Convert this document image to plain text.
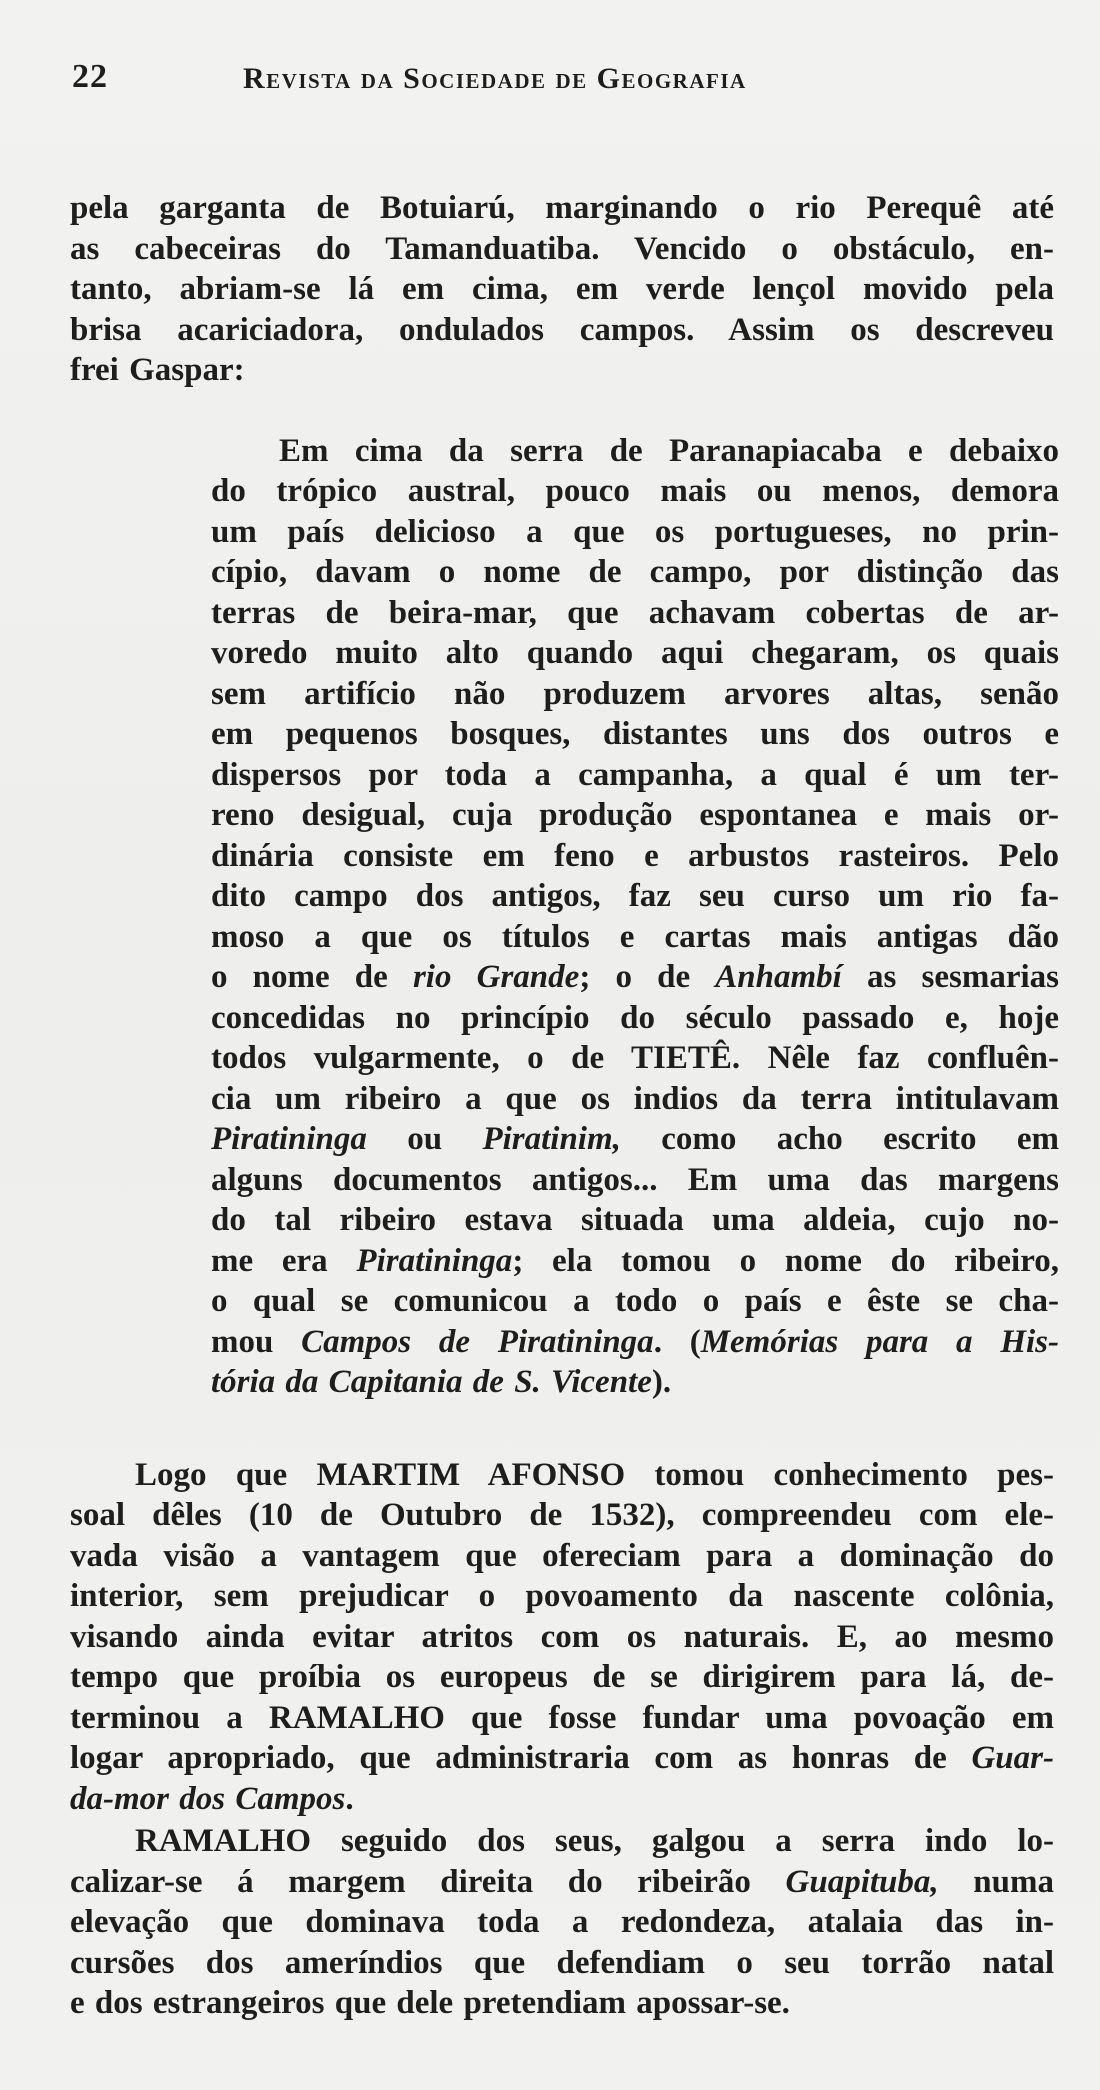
22	Revista da Sociedade de Geografia

pela garganta de Botuiarú, marginando o rio Perequê até
as cabeceiras do Tamanduatiba. Vencido o obstáculo, en-
tanto, abriam-se lá em cima, em verde lençol movido pela
brisa acariciadora, ondulados campos. Assim os descreveu
frei Gaspar:

Em cima da serra de Paranapiacaba e debaixo
do trópico austral, pouco mais ou menos, demora
um país delicioso a que os portugueses, no prin-
cípio, davam o nome de campo, por distinção das
terras de beira-mar, que achavam cobertas de ar-
voredo muito alto quando aqui chegaram, os quais
sem artifício não produzem arvores altas, senão
em pequenos bosques, distantes uns dos outros e
dispersos por toda a campanha, a qual é um ter-
reno desigual, cuja produção espontanea e mais or-
dinária consiste em feno e arbustos rasteiros. Pelo
dito campo dos antigos, faz seu curso um rio fa-
moso a que os títulos e cartas mais antigas dão
o nome de rio Grande; o de Anhambí as sesmarias
concedidas no princípio do século passado e, hoje
todos vulgarmente, o de TIETÊ. Nêle faz confluên-
cia um ribeiro a que os indios da terra intitulavam
Piratininga ou Piratinim, como acho escrito em
alguns documentos antigos... Em uma das margens
do tal ribeiro estava situada uma aldeia, cujo no-
me era Piratininga; ela tomou o nome do ribeiro,
o qual se comunicou a todo o país e êste se cha-
mou Campos de Piratininga. (Memórias para a His-
tória da Capitania de S. Vicente).

Logo que MARTIM AFONSO tomou conhecimento pes-
soal dêles (10 de Outubro de 1532), compreendeu com ele-
vada visão a vantagem que ofereciam para a dominação do
interior, sem prejudicar o povoamento da nascente colônia,
visando ainda evitar atritos com os naturais. E, ao mesmo
tempo que proíbia os europeus de se dirigirem para lá, de-
terminou a RAMALHO que fosse fundar uma povoação em
logar apropriado, que administraria com as honras de Guar-
da-mor dos Campos.

RAMALHO seguido dos seus, galgou a serra indo lo-
calizar-se á margem direita do ribeirão Guapituba, numa
elevação que dominava toda a redondeza, atalaia das in-
cursões dos ameríndios que defendiam o seu torrão natal
e dos estrangeiros que dele pretendiam apossar-se.
